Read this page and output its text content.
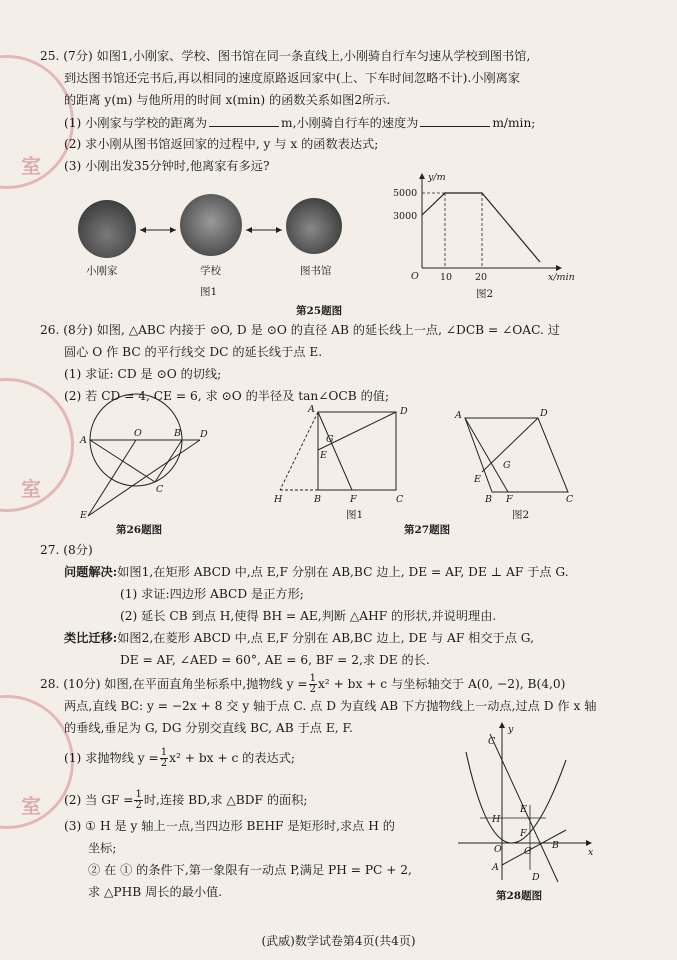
室
室
室
25. (7分) 如图1,小刚家、学校、图书馆在同一条直线上,小刚骑自行车匀速从学校到图书馆,
到达图书馆还完书后,再以相同的速度原路返回家中(上、下车时间忽略不计).小刚离家
的距离 y(m) 与他所用的时间 x(min) 的函数关系如图2所示.
(1) 小刚家与学校的距离为	m,小刚骑自行车的速度为	m/min;
(2) 求小刚从图书馆返回家的过程中, y 与 x 的函数表达式;
(3) 小刚出发35分钟时,他离家有多远?
小刚家	学校	图书馆
图1
y/m
5000
3000
O 10 20	x/min
图2
第25题图
26. (8分) 如图, △ABC 内接于 ⊙O, D 是 ⊙O 的直径 AB 的延长线上一点, ∠DCB = ∠OAC. 过
圆心 O 作 BC 的平行线交 DC 的延长线于点 E.
(1) 求证: CD 是 ⊙O 的切线;
(2) 若 CD = 4, CE = 6, 求 ⊙O 的半径及 tan∠OCB 的值;
A
O	B D
C
E
第26题图
A	D
G
E
H	B	F	C
A	D
G
E
B F	C
图1
第27题图
图2
27. (8分)
问题解决:如图1,在矩形 ABCD 中,点 E,F 分别在 AB,BC 边上, DE = AF, DE ⊥ AF 于点 G.
(1) 求证:四边形 ABCD 是正方形;
(2) 延长 CB 到点 H,使得 BH = AE,判断 △AHF 的形状,并说明理由.
类比迁移:如图2,在菱形 ABCD 中,点 E,F 分别在 AB,BC 边上, DE 与 AF 相交于点 G,
DE = AF, ∠AED = 60°, AE = 6, BF = 2,求 DE 的长.
28. (10分) 如图,在平面直角坐标系中,抛物线 $y = \frac{1}{2} x^2$ + bx + c 与坐标轴交于 A(0, −2), B(4,0)
两点,直线 BC: y = −2x + 8 交 y 轴于点 C. 点 D 为直线 AB 下方抛物线上一动点,过点 D 作 x 轴
的垂线,垂足为 G, DG 分别交直线 BC, AB 于点 E, F.
(1) 求抛物线 $y = \frac{1}{2} x^2$ + bx + c 的表达式;
(2) 当 GF = $\frac{1}{2}$ 时,连接 BD,求 △BDF 的面积;
(3) ① H 是 y 轴上一点,当四边形 BEHF 是矩形时,求点 H 的
坐标;
② 在 ① 的条件下,第一象限有一动点 P,满足 PH = PC + 2,
求 △PHB 周长的最小值.
C
y
E
H
O
F
B
G
A
D
x
第28题图
(武威)数学试卷第4页(共4页)
